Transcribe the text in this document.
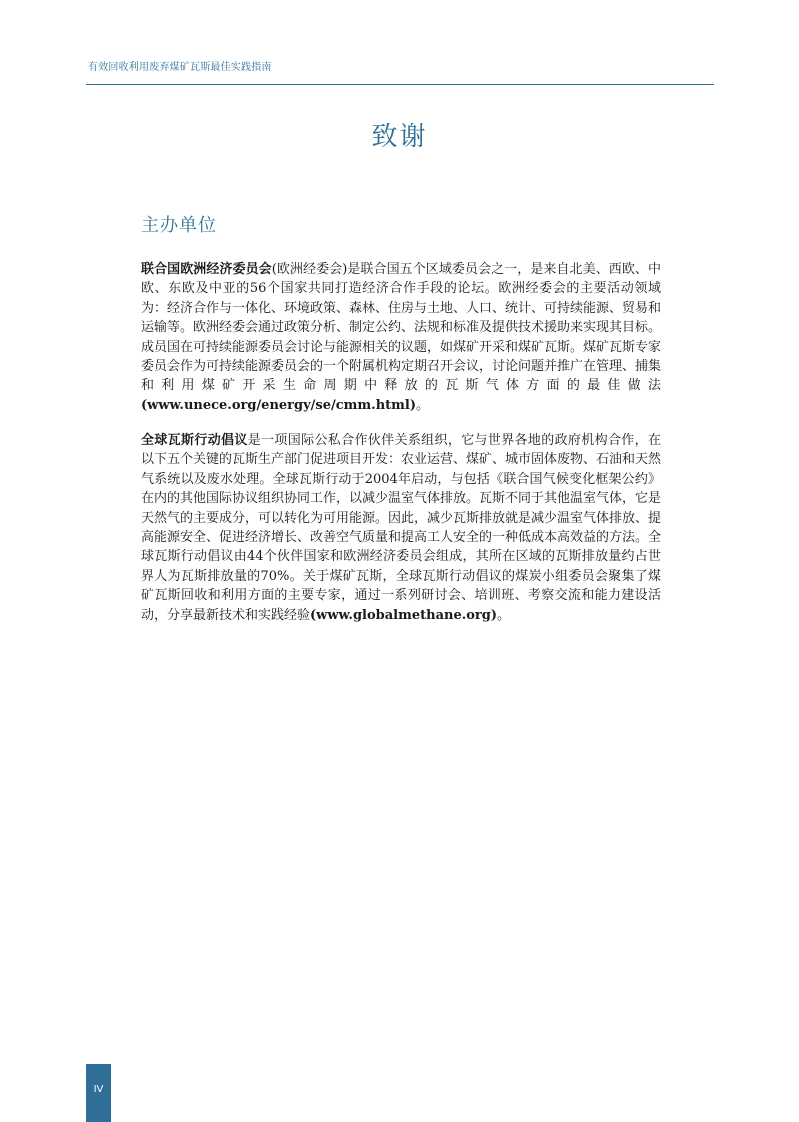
有效回收利用废弃煤矿瓦斯最佳实践指南
致谢
主办单位

联合国欧洲经济委员会(欧洲经委会)是联合国五个区域委员会之一，是来自北美、西欧、中欧、东欧及中亚的56个国家共同打造经济合作手段的论坛。欧洲经委会的主要活动领域为：经济合作与一体化、环境政策、森林、住房与土地、人口、统计、可持续能源、贸易和运输等。欧洲经委会通过政策分析、制定公约、法规和标准及提供技术援助来实现其目标。成员国在可持续能源委员会讨论与能源相关的议题，如煤矿开采和煤矿瓦斯。煤矿瓦斯专家委员会作为可持续能源委员会的一个附属机构定期召开会议，讨论问题并推广在管理、捕集和利用煤矿开采生命周期中释放的瓦斯气体方面的最佳做法(www.unece.org/energy/se/cmm.html)。

全球瓦斯行动倡议是一项国际公私合作伙伴关系组织，它与世界各地的政府机构合作，在以下五个关键的瓦斯生产部门促进项目开发：农业运营、煤矿、城市固体废物、石油和天然气系统以及废水处理。全球瓦斯行动于2004年启动，与包括《联合国气候变化框架公约》在内的其他国际协议组织协同工作，以减少温室气体排放。瓦斯不同于其他温室气体，它是天然气的主要成分，可以转化为可用能源。因此，减少瓦斯排放就是减少温室气体排放、提高能源安全、促进经济增长、改善空气质量和提高工人安全的一种低成本高效益的方法。全球瓦斯行动倡议由44个伙伴国家和欧洲经济委员会组成，其所在区域的瓦斯排放量约占世界人为瓦斯排放量的70%。关于煤矿瓦斯，全球瓦斯行动倡议的煤炭小组委员会聚集了煤矿瓦斯回收和利用方面的主要专家，通过一系列研讨会、培训班、考察交流和能力建设活动，分享最新技术和实践经验(www.globalmethane.org)。

IV
